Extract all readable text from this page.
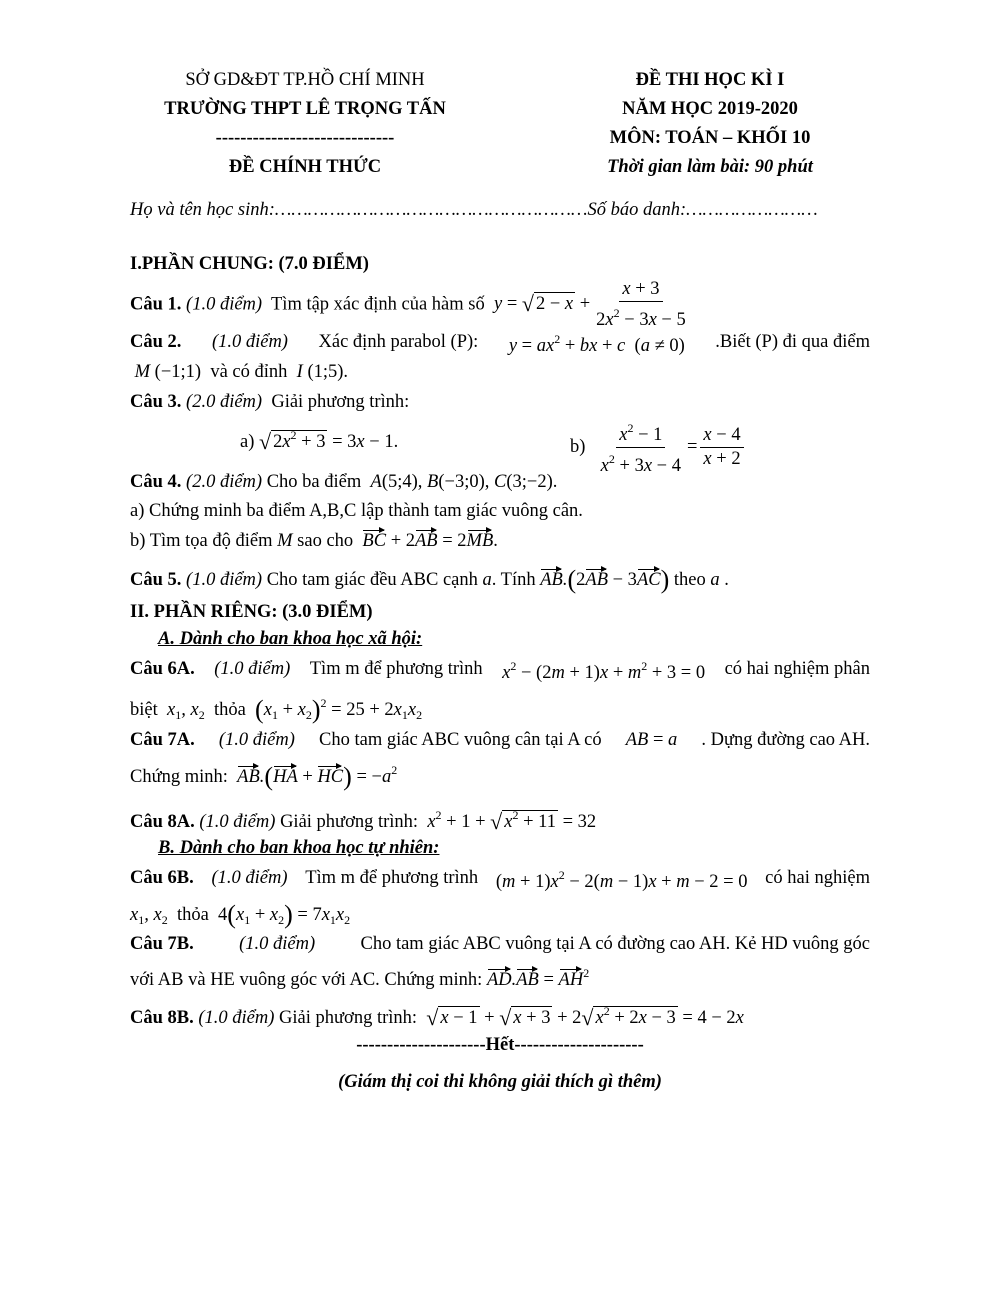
SỞ GD&ĐT TP.HỒ CHÍ MINH
TRƯỜNG THPT LÊ TRỌNG TẤN
-----------------------------
ĐỀ CHÍNH THỨC
ĐỀ THI HỌC KÌ I
NĂM HỌC 2019-2020
MÔN: TOÁN – KHỐI 10
Thời gian làm bài: 90 phút
Họ và tên học sinh:…………………………………………………Số báo danh:……………………
I.PHẦN CHUNG: (7.0 ĐIỂM)
Câu 1. (1.0 điểm) Tìm tập xác định của hàm số y = √ $2 - x + \frac{x + 3}{2x^2 - 3x - 5}$
Câu 2. (1.0 điểm) Xác định parabol (P): $y = ax^2$ + bx + c  (a ≠ 0) .Biết (P) đi qua điểm
M (−1;1) và có đỉnh I (1;5).
Câu 3. (2.0 điểm) Giải phương trình:
a) √ $2x^2 + 3 = 3x - 1$.	$b) \frac{x^2 - 1}{x^2 + 3x - 4} = \frac{x - 4}{x + 2}$
Câu 4. (2.0 điểm) Cho ba điểm A(5;4), B(−3;0), C(3;−2).
a) Chứng minh ba điểm A,B,C lập thành tam giác vuông cân.
b) Tìm tọa độ điểm M sao cho BC + 2AB = 2MB.
Câu 5. (1.0 điểm) Cho tam giác đều ABC cạnh a. Tính AB.(2AB − 3AC) theo a .
II. PHẦN RIÊNG: (3.0 ĐIỂM)
A. Dành cho ban khoa học xã hội:
Câu 6A. (1.0 điểm) Tìm m để phương trình $x^2 - (2m + 1)x + m^2 + 3 = 0$ có hai nghiệm phân
biệt $x_1$, $x_2$ thỏa $(x_1 + x_2)^2 = 25 + 2x_1x_2$
Câu 7A. (1.0 điểm) Cho tam giác ABC vuông cân tại A có AB = a . Dựng đường cao AH.
Chứng minh: $AB.(HA + HC) = -a^2$
Câu 8A. (1.0 điểm) Giải phương trình: $x^2 + 1$ + √ $x^2 + 11 = 32$
B. Dành cho ban khoa học tự nhiên:
Câu 6B. (1.0 điểm) Tìm m để phương trình $(m + 1)x^2 - 2(m - 1)x + m - 2 = 0$ có hai nghiệm
$x_1$, $x_2$ thỏa $4(x_1 + x_2) = 7x_1x_2$
Câu 7B. (1.0 điểm) Cho tam giác ABC vuông tại A có đường cao AH. Kẻ HD vuông góc
với AB và HE vuông góc với AC. Chứng minh: $AD.AB = AH^2$
Câu 8B. (1.0 điểm) Giải phương trình: √ x − 1 + √ x + 3 + 2√ $x^2 + 2x - 3 = 4 - 2x$
---------------------Hết---------------------
(Giám thị coi thi không giải thích gì thêm)
